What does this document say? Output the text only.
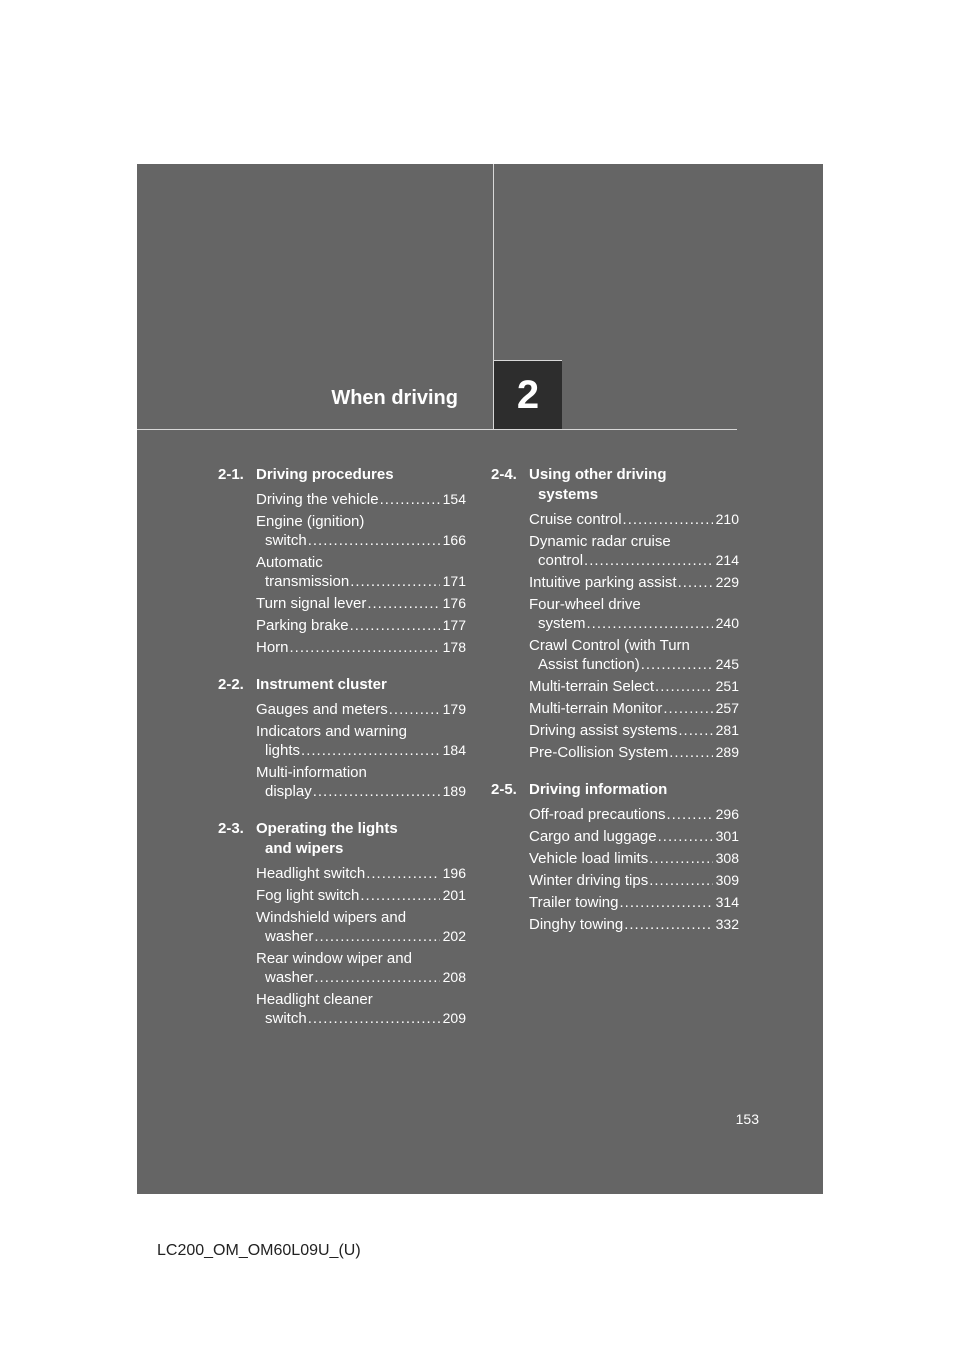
When driving	2
2-1. Driving procedures
Driving the vehicle .....	154
Engine (ignition)
switch .....	166
Automatic
transmission .....	171
Turn signal lever .....	176
Parking brake .....	177
Horn .....	178
2-2. Instrument cluster
Gauges and meters .....	179
Indicators and warning
lights .....	184
Multi-information
display .....	189
2-3. Operating the lights
and wipers
Headlight switch .....	196
Fog light switch .....	201
Windshield wipers and
washer .....	202
Rear window wiper and
washer .....	208
Headlight cleaner
switch .....	209
2-4. Using other driving
systems
Cruise control .....	210
Dynamic radar cruise
control .....	214
Intuitive parking assist .....	229
Four-wheel drive
system .....	240
Crawl Control (with Turn
Assist function) .....	245
Multi-terrain Select .....	251
Multi-terrain Monitor .....	257
Driving assist systems .....	281
Pre-Collision System .....	289
2-5. Driving information
Off-road precautions .....	296
Cargo and luggage .....	301
Vehicle load limits .....	308
Winter driving tips .....	309
Trailer towing .....	314
Dinghy towing .....	332
153
LC200_OM_OM60L09U_(U)
